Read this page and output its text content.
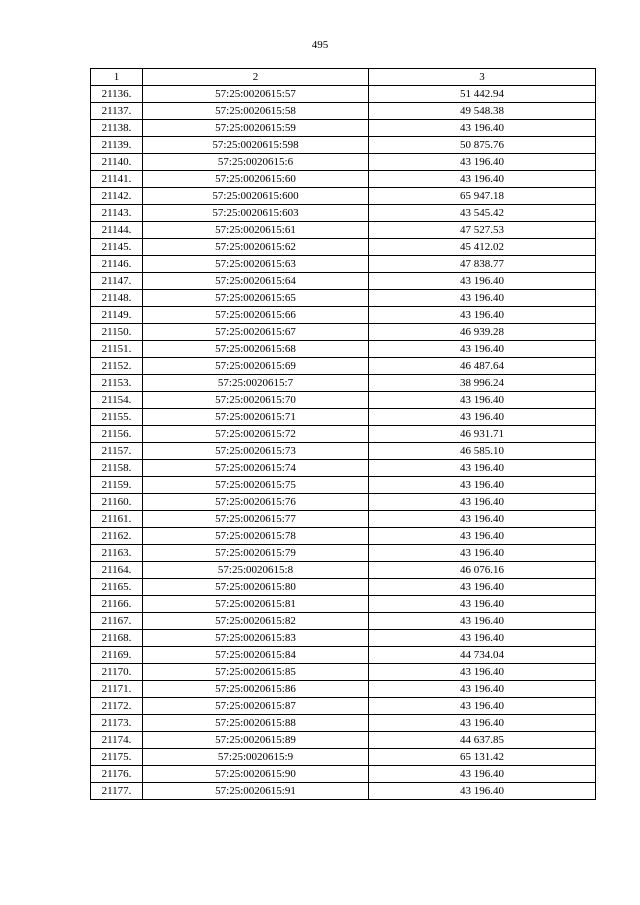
495
1	2	3
21136.	57:25:0020615:57	51 442.94
21137.	57:25:0020615:58	49 548.38
21138.	57:25:0020615:59	43 196.40
21139.	57:25:0020615:598	50 875.76
21140.	57:25:0020615:6	43 196.40
21141.	57:25:0020615:60	43 196.40
21142.	57:25:0020615:600	65 947.18
21143.	57:25:0020615:603	43 545.42
21144.	57:25:0020615:61	47 527.53
21145.	57:25:0020615:62	45 412.02
21146.	57:25:0020615:63	47 838.77
21147.	57:25:0020615:64	43 196.40
21148.	57:25:0020615:65	43 196.40
21149.	57:25:0020615:66	43 196.40
21150.	57:25:0020615:67	46 939.28
21151.	57:25:0020615:68	43 196.40
21152.	57:25:0020615:69	46 487.64
21153.	57:25:0020615:7	38 996.24
21154.	57:25:0020615:70	43 196.40
21155.	57:25:0020615:71	43 196.40
21156.	57:25:0020615:72	46 931.71
21157.	57:25:0020615:73	46 585.10
21158.	57:25:0020615:74	43 196.40
21159.	57:25:0020615:75	43 196.40
21160.	57:25:0020615:76	43 196.40
21161.	57:25:0020615:77	43 196.40
21162.	57:25:0020615:78	43 196.40
21163.	57:25:0020615:79	43 196.40
21164.	57:25:0020615:8	46 076.16
21165.	57:25:0020615:80	43 196.40
21166.	57:25:0020615:81	43 196.40
21167.	57:25:0020615:82	43 196.40
21168.	57:25:0020615:83	43 196.40
21169.	57:25:0020615:84	44 734.04
21170.	57:25:0020615:85	43 196.40
21171.	57:25:0020615:86	43 196.40
21172.	57:25:0020615:87	43 196.40
21173.	57:25:0020615:88	43 196.40
21174.	57:25:0020615:89	44 637.85
21175.	57:25:0020615:9	65 131.42
21176.	57:25:0020615:90	43 196.40
21177.	57:25:0020615:91	43 196.40
